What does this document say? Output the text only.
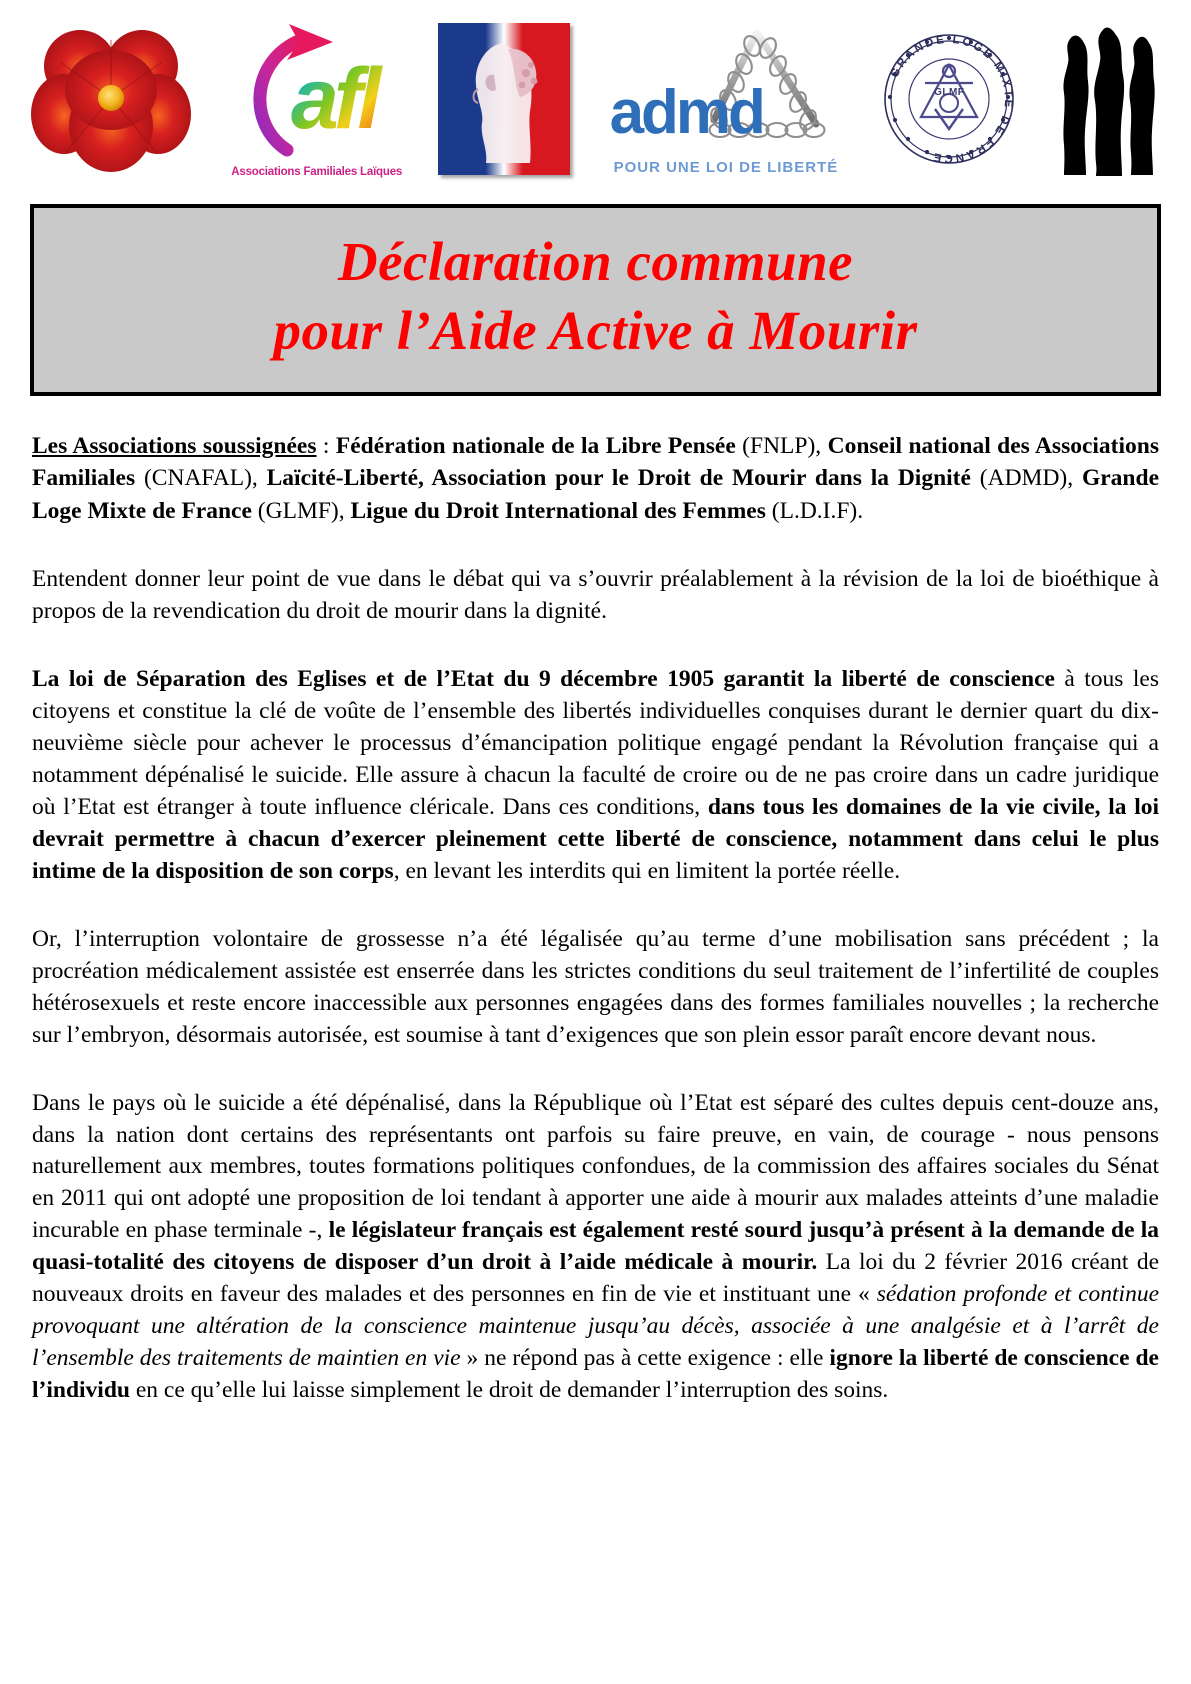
afl
Associations Familiales Laïques
admd
POUR UNE LOI DE LIBERTÉ
GRANDE LOGE MIXTE DE FRANCE
GLMF
Déclaration commune
pour l’Aide Active à Mourir

Les Associations soussignées : Fédération nationale de la Libre Pensée (FNLP), Conseil national des Associations Familiales (CNAFAL), Laïcité-Liberté, Association pour le Droit de Mourir dans la Dignité (ADMD), Grande Loge Mixte de France (GLMF), Ligue du Droit International des Femmes (L.D.I.F).

Entendent donner leur point de vue dans le débat qui va s’ouvrir préalablement à la révision de la loi de bioéthique à propos de la revendication du droit de mourir dans la dignité.

La loi de Séparation des Eglises et de l’Etat du 9 décembre 1905 garantit la liberté de conscience à tous les citoyens et constitue la clé de voûte de l’ensemble des libertés individuelles conquises durant le dernier quart du dix-neuvième siècle pour achever le processus d’émancipation politique engagé pendant la Révolution française qui a notamment dépénalisé le suicide. Elle assure à chacun la faculté de croire ou de ne pas croire dans un cadre juridique où l’Etat est étranger à toute influence cléricale. Dans ces conditions, dans tous les domaines de la vie civile, la loi devrait permettre à chacun d’exercer pleinement cette liberté de conscience, notamment dans celui le plus intime de la disposition de son corps, en levant les interdits qui en limitent la portée réelle.

Or, l’interruption volontaire de grossesse n’a été légalisée qu’au terme d’une mobilisation sans précédent ; la procréation médicalement assistée est enserrée dans les strictes conditions du seul traitement de l’infertilité de couples hétérosexuels et reste encore inaccessible aux personnes engagées dans des formes familiales nouvelles ; la recherche sur l’embryon, désormais autorisée, est soumise à tant d’exigences que son plein essor paraît encore devant nous.

Dans le pays où le suicide a été dépénalisé, dans la République où l’Etat est séparé des cultes depuis cent-douze ans, dans la nation dont certains des représentants ont parfois su faire preuve, en vain, de courage - nous pensons naturellement aux membres, toutes formations politiques confondues, de la commission des affaires sociales du Sénat en 2011 qui ont adopté une proposition de loi tendant à apporter une aide à mourir aux malades atteints d’une maladie incurable en phase terminale -, le législateur français est également resté sourd jusqu’à présent à la demande de la quasi-totalité des citoyens de disposer d’un droit à l’aide médicale à mourir. La loi du 2 février 2016 créant de nouveaux droits en faveur des malades et des personnes en fin de vie et instituant une « sédation profonde et continue provoquant une altération de la conscience maintenue jusqu’au décès, associée à une analgésie et à l’arrêt de l’ensemble des traitements de maintien en vie » ne répond pas à cette exigence : elle ignore la liberté de conscience de l’individu en ce qu’elle lui laisse simplement le droit de demander l’interruption des soins.
